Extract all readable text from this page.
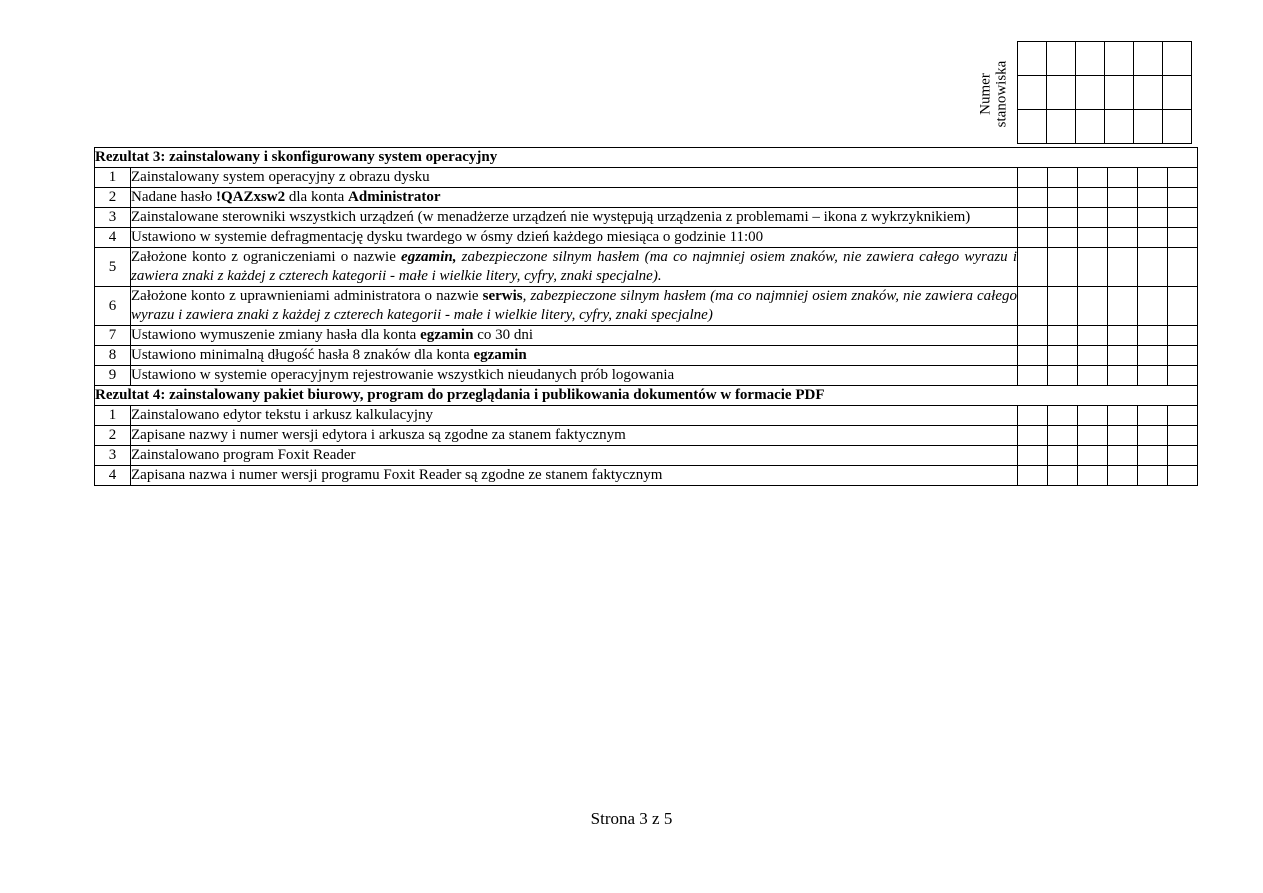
Numer stanowiska

Rezultat 3: zainstalowany i skonfigurowany system operacyjny							
1	Zainstalowany system operacyjny z obrazu dysku						
2	Nadane hasło !QAZxsw2 dla konta Administrator						
3	Zainstalowane sterowniki wszystkich urządzeń (w menadżerze urządzeń nie występują urządzenia z problemami – ikona z wykrzyknikiem)						
4	Ustawiono w systemie defragmentację dysku twardego w ósmy dzień każdego miesiąca o godzinie 11:00						
5	Założone konto z ograniczeniami o nazwie egzamin, zabezpieczone silnym hasłem (ma co najmniej osiem znaków, nie zawiera całego wyrazu i zawiera znaki z każdej z czterech kategorii - małe i wielkie litery, cyfry, znaki specjalne).						
6	Założone konto z uprawnieniami administratora o nazwie serwis, zabezpieczone silnym hasłem (ma co najmniej osiem znaków, nie zawiera całego wyrazu i zawiera znaki z każdej z czterech kategorii - małe i wielkie litery, cyfry, znaki specjalne)						
7	Ustawiono wymuszenie zmiany hasła dla konta egzamin co 30 dni						
8	Ustawiono minimalną długość hasła 8 znaków dla konta egzamin						
9	Ustawiono w systemie operacyjnym rejestrowanie wszystkich nieudanych prób logowania						
Rezultat 4: zainstalowany pakiet biurowy, program do przeglądania i publikowania dokumentów w formacie PDF							
1	Zainstalowano edytor tekstu i arkusz kalkulacyjny						
2	Zapisane nazwy i numer wersji edytora i arkusza są zgodne za stanem faktycznym						
3	Zainstalowano program Foxit Reader						
4	Zapisana nazwa i numer wersji programu Foxit Reader są zgodne ze stanem faktycznym						
Strona 3 z 5
